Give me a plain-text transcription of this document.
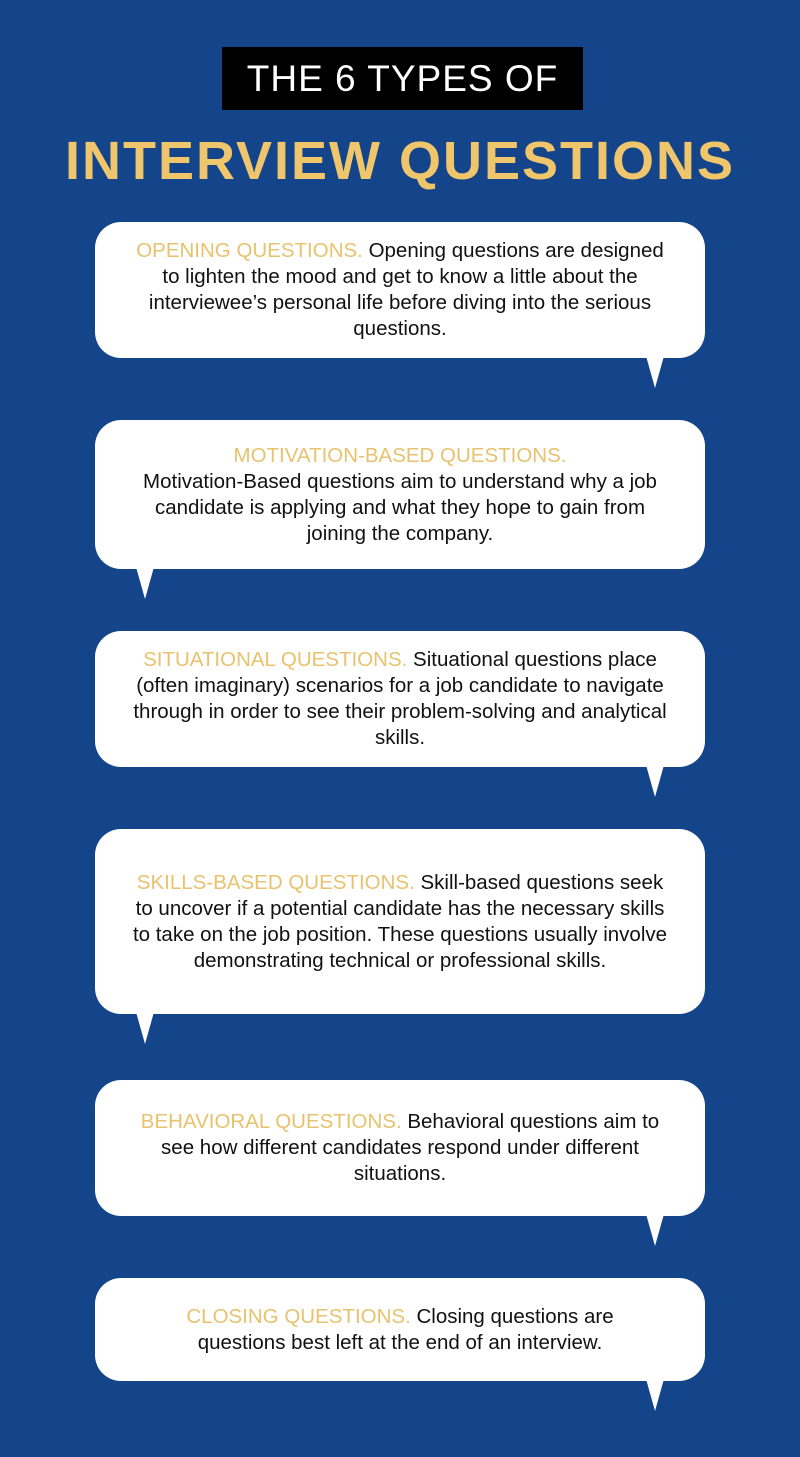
THE 6 TYPES OF
INTERVIEW QUESTIONS

OPENING QUESTIONS. Opening questions are designed to lighten the mood and get to know a little about the interviewee’s personal life before diving into the serious questions.

MOTIVATION-BASED QUESTIONS.
Motivation-Based questions aim to understand why a job candidate is applying and what they hope to gain from joining the company.

SITUATIONAL QUESTIONS. Situational questions place (often imaginary) scenarios for a job candidate to navigate through in order to see their problem-solving and analytical skills.

SKILLS-BASED QUESTIONS. Skill-based questions seek to uncover if a potential candidate has the necessary skills to take on the job position. These questions usually involve demonstrating technical or professional skills.

BEHAVIORAL QUESTIONS. Behavioral questions aim to see how different candidates respond under different situations.

CLOSING QUESTIONS. Closing questions are questions best left at the end of an interview.
